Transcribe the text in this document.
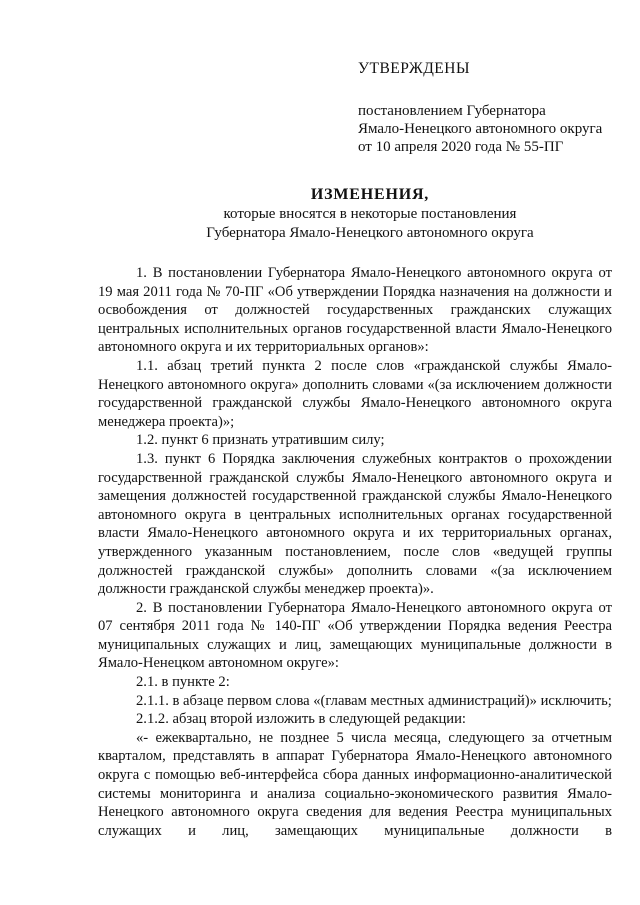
УТВЕРЖДЕНЫ
постановлением Губернатора
Ямало-Ненецкого автономного округа
от 10 апреля 2020 года № 55-ПГ
ИЗМЕНЕНИЯ,
которые вносятся в некоторые постановления
Губернатора Ямало-Ненецкого автономного округа

1. В постановлении Губернатора Ямало-Ненецкого автономного округа от 19 мая 2011 года № 70-ПГ «Об утверждении Порядка назначения на должности и освобождения от должностей государственных гражданских служащих центральных исполнительных органов государственной власти Ямало-Ненецкого автономного округа и их территориальных органов»:

1.1. абзац третий пункта 2 после слов «гражданской службы Ямало-Ненецкого автономного округа» дополнить словами «(за исключением должности государственной гражданской службы Ямало-Ненецкого автономного округа менеджера проекта)»;

1.2. пункт 6 признать утратившим силу;

1.3. пункт 6 Порядка заключения служебных контрактов о прохождении государственной гражданской службы Ямало-Ненецкого автономного округа и замещения должностей государственной гражданской службы Ямало-Ненецкого автономного округа в центральных исполнительных органах государственной власти Ямало-Ненецкого автономного округа и их территориальных органах, утвержденного указанным постановлением, после слов «ведущей группы должностей гражданской службы» дополнить словами «(за исключением должности гражданской службы менеджер проекта)».

2. В постановлении Губернатора Ямало-Ненецкого автономного округа от 07 сентября 2011 года № 140-ПГ «Об утверждении Порядка ведения Реестра муниципальных служащих и лиц, замещающих муниципальные должности в Ямало-Ненецком автономном округе»:

2.1. в пункте 2:

2.1.1. в абзаце первом слова «(главам местных администраций)» исключить;

2.1.2. абзац второй изложить в следующей редакции:

«- ежеквартально, не позднее 5 числа месяца, следующего за отчетным кварталом, представлять в аппарат Губернатора Ямало-Ненецкого автономного округа с помощью веб-интерфейса сбора данных информационно-аналитической системы мониторинга и анализа социально-экономического развития Ямало-Ненецкого автономного округа сведения для ведения Реестра муниципальных служащих и лиц, замещающих муниципальные должности в
